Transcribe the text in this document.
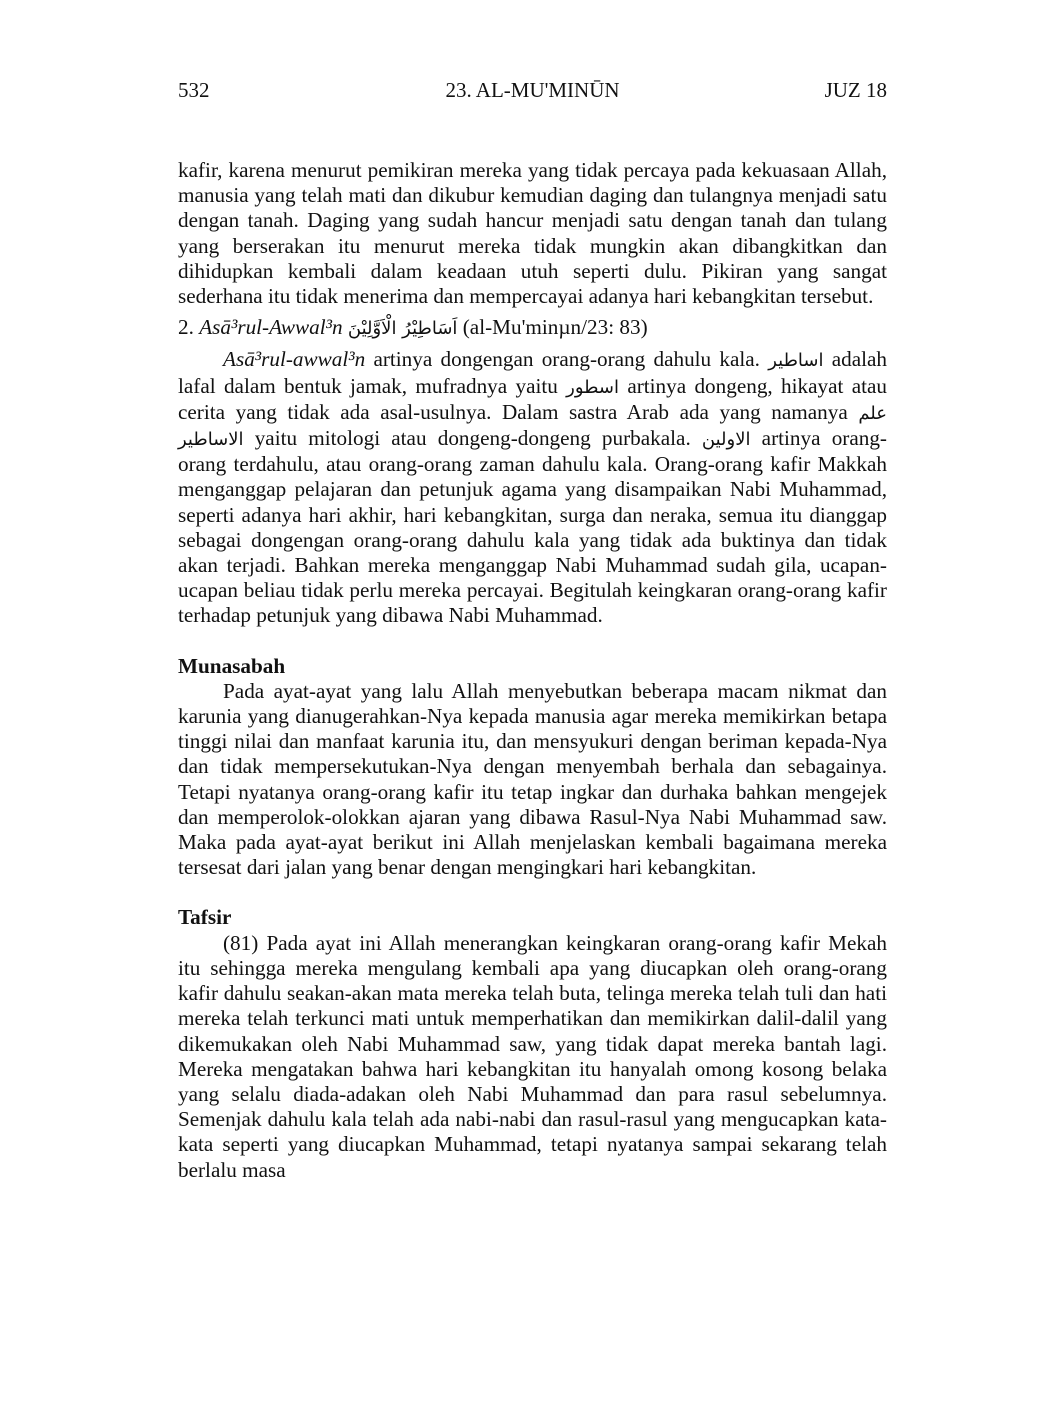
532	23. AL-MU'MINŪN	JUZ 18

kafir, karena menurut pemikiran mereka yang tidak percaya pada kekuasaan Allah, manusia yang telah mati dan dikubur kemudian daging dan tulangnya menjadi satu dengan tanah. Daging yang sudah hancur menjadi satu dengan tanah dan tulang yang berserakan itu menurut mereka tidak mungkin akan dibangkitkan dan dihidupkan kembali dalam keadaan utuh seperti dulu. Pikiran yang sangat sederhana itu tidak menerima dan mempercayai adanya hari kebangkitan tersebut.

2. Asā³rul-Awwal³n اَسَاطِيْرُ الْاَوَّلِيْنَ (al-Mu'minµn/23: 83)

Asā³rul-awwal³n artinya dongengan orang-orang dahulu kala. اساطير adalah lafal dalam bentuk jamak, mufradnya yaitu اسطور artinya dongeng, hikayat atau cerita yang tidak ada asal-usulnya. Dalam sastra Arab ada yang namanya علم الاساطير yaitu mitologi atau dongeng-dongeng purbakala. الاولين artinya orang-orang terdahulu, atau orang-orang zaman dahulu kala. Orang-orang kafir Makkah menganggap pelajaran dan petunjuk agama yang disampaikan Nabi Muhammad, seperti adanya hari akhir, hari kebangkitan, surga dan neraka, semua itu dianggap sebagai dongengan orang-orang dahulu kala yang tidak ada buktinya dan tidak akan terjadi. Bahkan mereka menganggap Nabi Muhammad sudah gila, ucapan-ucapan beliau tidak perlu mereka percayai. Begitulah keingkaran orang-orang kafir terhadap petunjuk yang dibawa Nabi Muhammad.

Munasabah

Pada ayat-ayat yang lalu Allah menyebutkan beberapa macam nikmat dan karunia yang dianugerahkan-Nya kepada manusia agar mereka memikirkan betapa tinggi nilai dan manfaat karunia itu, dan mensyukuri dengan beriman kepada-Nya dan tidak mempersekutukan-Nya dengan menyembah berhala dan sebagainya. Tetapi nyatanya orang-orang kafir itu tetap ingkar dan durhaka bahkan mengejek dan memperolok-olokkan ajaran yang dibawa Rasul-Nya Nabi Muhammad saw. Maka pada ayat-ayat berikut ini Allah menjelaskan kembali bagaimana mereka tersesat dari jalan yang benar dengan mengingkari hari kebangkitan.

Tafsir

(81) Pada ayat ini Allah menerangkan keingkaran orang-orang kafir Mekah itu sehingga mereka mengulang kembali apa yang diucapkan oleh orang-orang kafir dahulu seakan-akan mata mereka telah buta, telinga mereka telah tuli dan hati mereka telah terkunci mati untuk memperhatikan dan memikirkan dalil-dalil yang dikemukakan oleh Nabi Muhammad saw, yang tidak dapat mereka bantah lagi. Mereka mengatakan bahwa hari kebangkitan itu hanyalah omong kosong belaka yang selalu diada-adakan oleh Nabi Muhammad dan para rasul sebelumnya. Semenjak dahulu kala telah ada nabi-nabi dan rasul-rasul yang mengucapkan kata-kata seperti yang diucapkan Muhammad, tetapi nyatanya sampai sekarang telah berlalu masa
